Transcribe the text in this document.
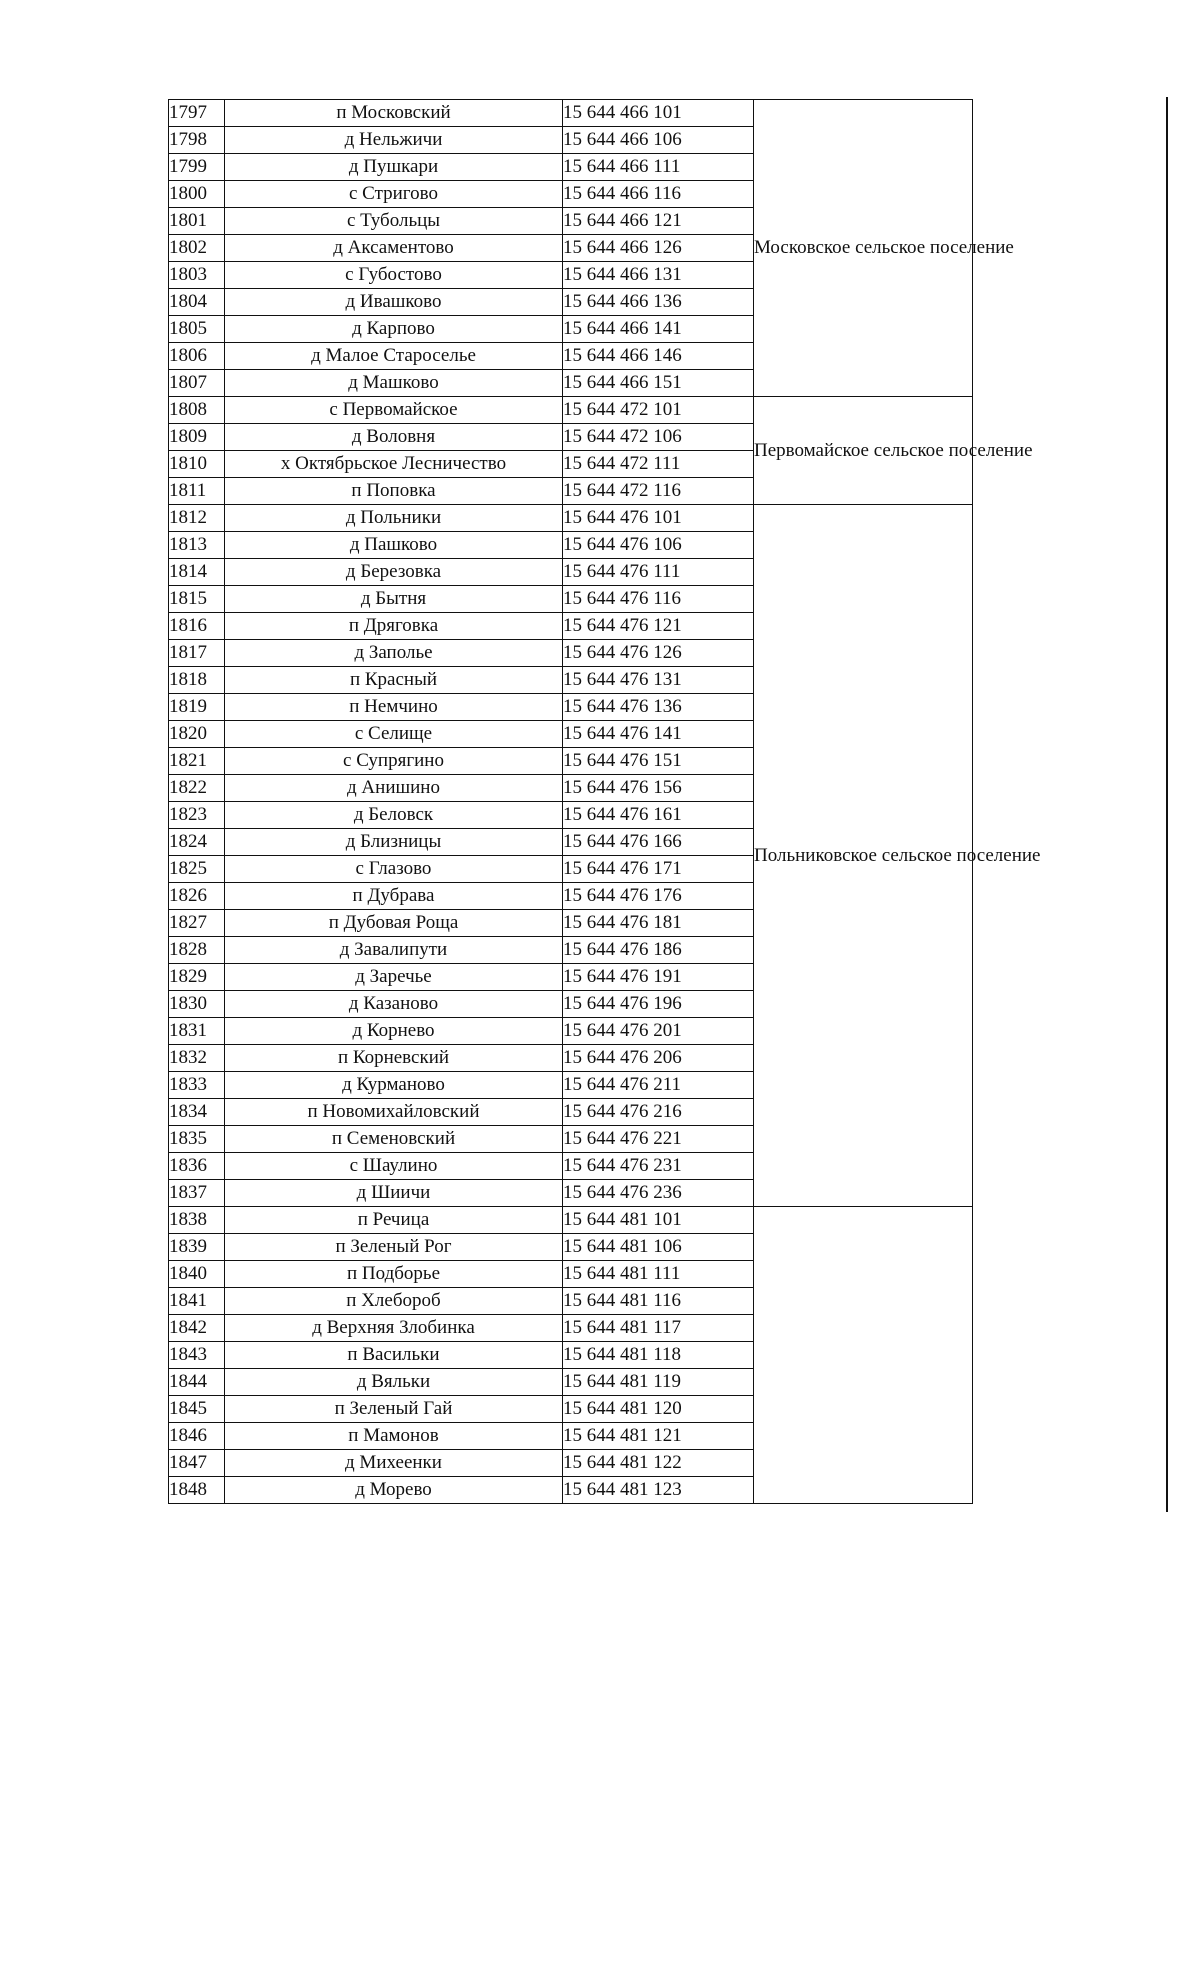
1797	п Московский	15 644 466 101	Московское сельское поселение
1798	д Нельжичи	15 644 466 106	
1799	д Пушкари	15 644 466 111	
1800	с Стригово	15 644 466 116	
1801	с Тубольцы	15 644 466 121	
1802	д Аксаментово	15 644 466 126	
1803	с Губостово	15 644 466 131	
1804	д Ивашково	15 644 466 136	
1805	д Карпово	15 644 466 141	
1806	д Малое Староселье	15 644 466 146	
1807	д Машково	15 644 466 151	
1808	с Первомайское	15 644 472 101	Первомайское сельское поселение
1809	д Воловня	15 644 472 106	
1810	х Октябрьское Лесничество	15 644 472 111	
1811	п Поповка	15 644 472 116	
1812	д Польники	15 644 476 101	Польниковское сельское поселение
1813	д Пашково	15 644 476 106	
1814	д Березовка	15 644 476 111	
1815	д Бытня	15 644 476 116	
1816	п Дряговка	15 644 476 121	
1817	д Заполье	15 644 476 126	
1818	п Красный	15 644 476 131	
1819	п Немчино	15 644 476 136	
1820	с Селище	15 644 476 141	
1821	с Супрягино	15 644 476 151	
1822	д Анишино	15 644 476 156	
1823	д Беловск	15 644 476 161	
1824	д Близницы	15 644 476 166	
1825	с Глазово	15 644 476 171	
1826	п Дубрава	15 644 476 176	
1827	п Дубовая Роща	15 644 476 181	
1828	д Завалипути	15 644 476 186	
1829	д Заречье	15 644 476 191	
1830	д Казаново	15 644 476 196	
1831	д Корнево	15 644 476 201	
1832	п Корневский	15 644 476 206	
1833	д Курманово	15 644 476 211	
1834	п Новомихайловский	15 644 476 216	
1835	п Семеновский	15 644 476 221	
1836	с Шаулино	15 644 476 231	
1837	д Шиичи	15 644 476 236	
1838	п Речица	15 644 481 101	
1839	п Зеленый Рог	15 644 481 106	
1840	п Подборье	15 644 481 111	
1841	п Хлебороб	15 644 481 116	
1842	д Верхняя Злобинка	15 644 481 117	
1843	п Васильки	15 644 481 118	
1844	д Вяльки	15 644 481 119	
1845	п Зеленый Гай	15 644 481 120	
1846	п Мамонов	15 644 481 121	
1847	д Михеенки	15 644 481 122	
1848	д Морево	15 644 481 123	
